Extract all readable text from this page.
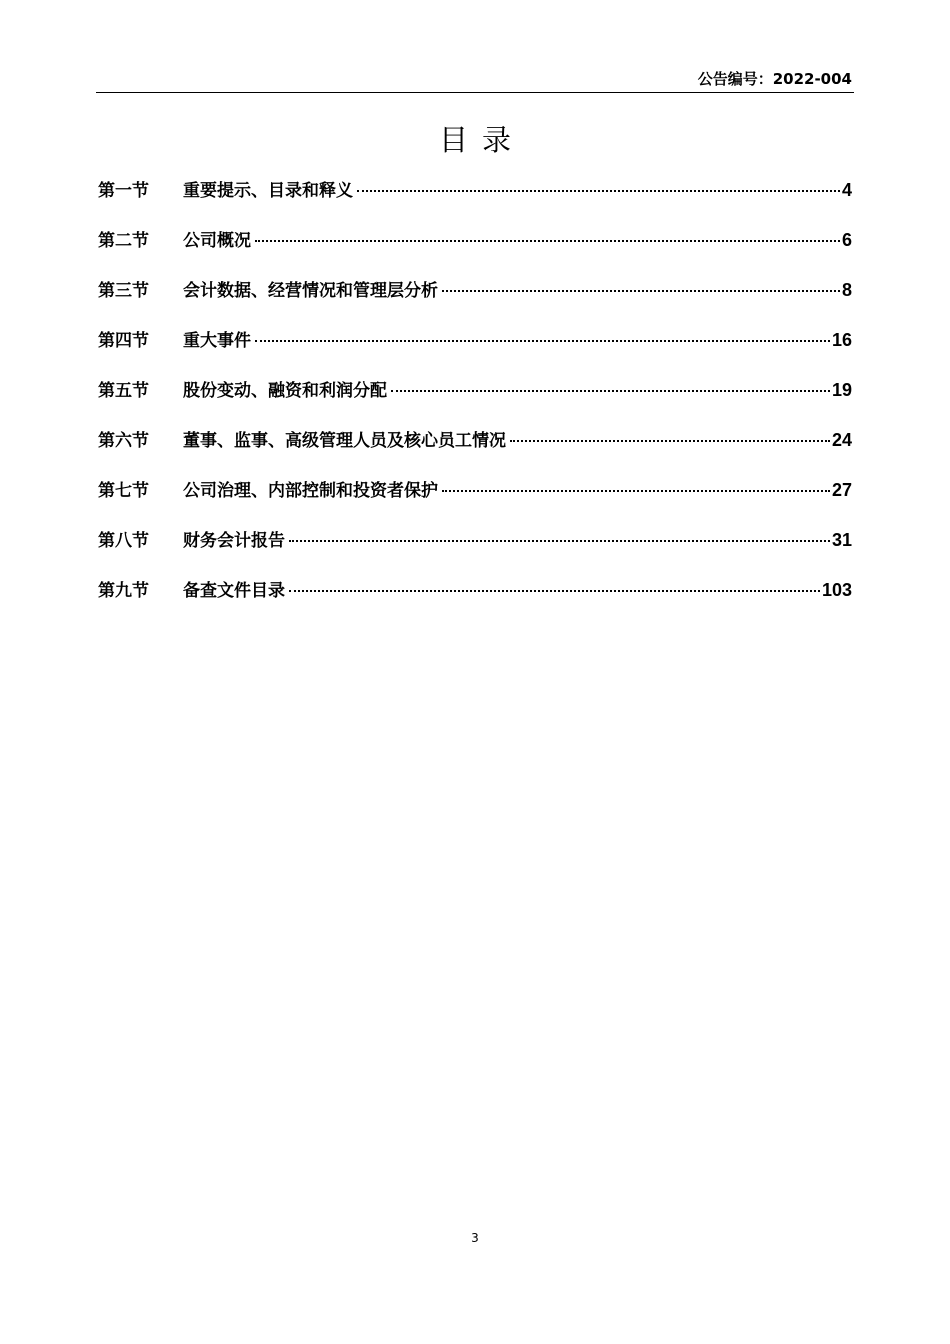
公告编号：2022-004
目录
第一节	重要提示、目录和释义	4
第二节	公司概况	6
第三节	会计数据、经营情况和管理层分析	8
第四节	重大事件	16
第五节	股份变动、融资和利润分配	19
第六节	董事、监事、高级管理人员及核心员工情况	24
第七节	公司治理、内部控制和投资者保护	27
第八节	财务会计报告	31
第九节	备查文件目录	103
3
